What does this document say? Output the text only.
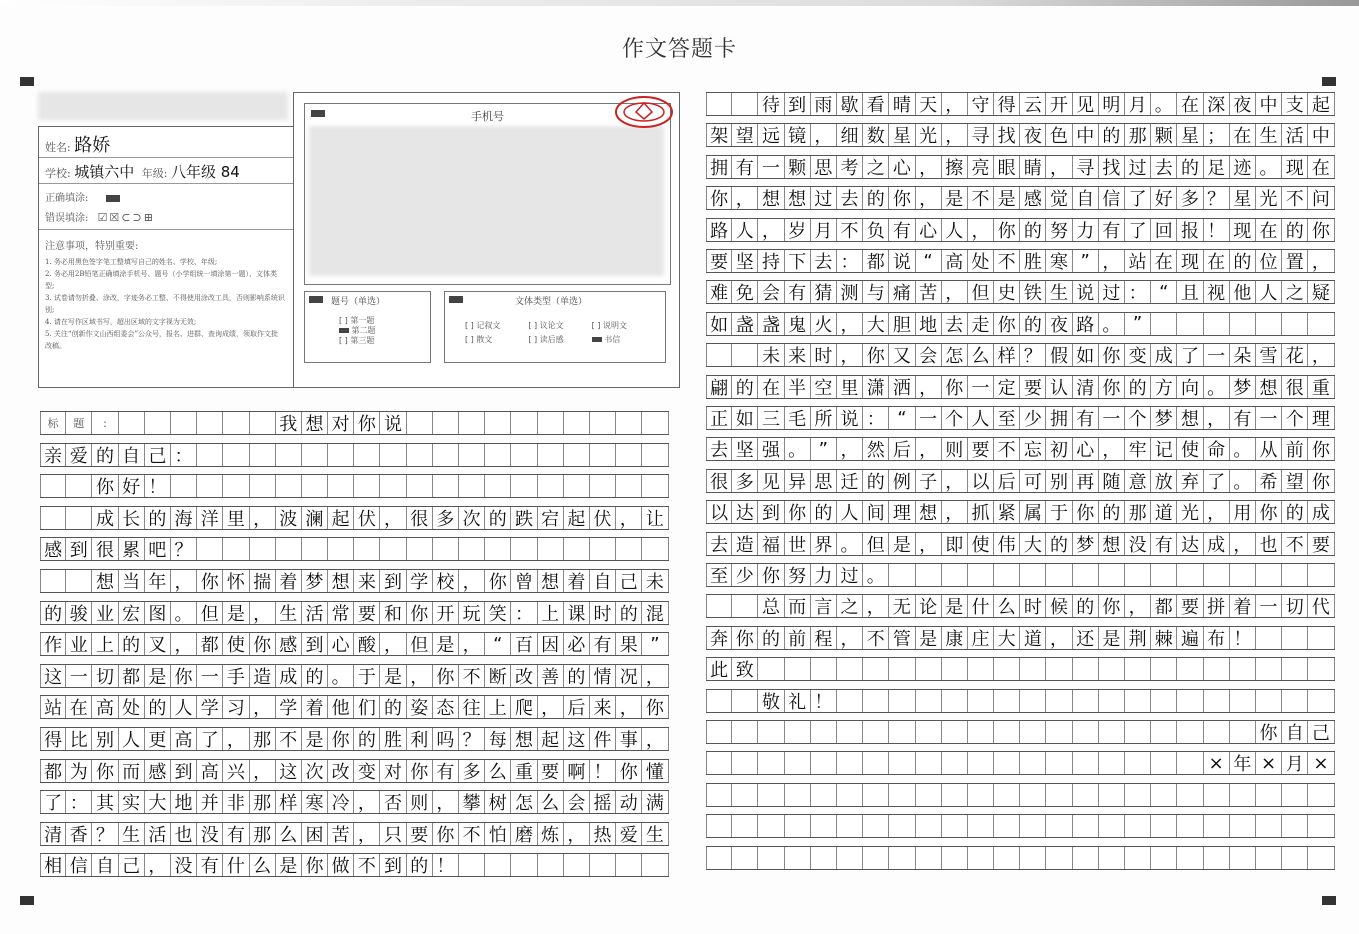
作文答题卡
姓名: 路娇
学校: 城镇六中 年级: 八年级 84
正确填涂:
错误填涂: ☑☒⊂⊃⊞
注意事项，特别重要:
1. 务必用黑色签字笔工整填写自己的姓名、学校、年级;
2. 务必用2B铅笔正确填涂手机号、题号（小学组统一填涂第一题）、文体类型;
3. 试卷请勿折叠、涂改，字迹务必工整、不得使用涂改工具，否则影响系统识别;
4. 请在写作区域书写，超出区域的文字视为无效;
5. 关注“创新作文山西组委会”公众号，报名、进群、查询成绩，领取作文批改稿。
手机号
题号（单选）
[ ] 第一题
第二题
[ ] 第三题
文体类型（单选）
[ ] 记叙文	[ ] 议论文	[ ] 说明文
[ ] 散文	[ ] 读后感	书信
标	题	:	我 想 对 你 说
亲 爱 的 自 己 ：
你 好 ！
成 长 的 海 洋 里 ， 波 澜 起 伏 ， 很 多 次 的 跌 宕 起 伏 ， 让
感 到 很 累 吧 ？
想 当 年 ， 你 怀 揣 着 梦 想 来 到 学 校 ， 你 曾 想 着 自 己 未
的 骏 业 宏 图 。 但 是 ， 生 活 常 要 和 你 开 玩 笑 ： 上 课 时 的 混
作 业 上 的 叉 ， 都 使 你 感 到 心 酸 ， 但 是 ， “ 百 因 必 有 果 ”
这 一 切 都 是 你 一 手 造 成 的 。 于 是 ， 你 不 断 改 善 的 情 况 ，
站 在 高 处 的 人 学 习 ， 学 着 他 们 的 姿 态 往 上 爬 ， 后 来 ， 你
得 比 别 人 更 高 了 ， 那 不 是 你 的 胜 利 吗 ？ 每 想 起 这 件 事 ，
都 为 你 而 感 到 高 兴 ， 这 次 改 变 对 你 有 多 么 重 要 啊 ！ 你 懂
了 ： 其 实 大 地 并 非 那 样 寒 冷 ， 否 则 ， 攀 树 怎 么 会 摇 动 满
清 香 ？ 生 活 也 没 有 那 么 困 苦 ， 只 要 你 不 怕 磨 炼 ， 热 爱 生
相 信 自 己 ， 没 有 什 么 是 你 做 不 到 的 ！
待 到 雨 歇 看 晴 天 ， 守 得 云 开 见 明 月 。 在 深 夜 中 支 起
架 望 远 镜 ， 细 数 星 光 ， 寻 找 夜 色 中 的 那 颗 星 ； 在 生 活 中
拥 有 一 颗 思 考 之 心 ， 擦 亮 眼 睛 ， 寻 找 过 去 的 足 迹 。 现 在
你 ， 想 想 过 去 的 你 ， 是 不 是 感 觉 自 信 了 好 多 ？ 星 光 不 问
路 人 ， 岁 月 不 负 有 心 人 ， 你 的 努 力 有 了 回 报 ！ 现 在 的 你
要 坚 持 下 去 ： 都 说 “ 高 处 不 胜 寒 ” ， 站 在 现 在 的 位 置 ，
难 免 会 有 猜 测 与 痛 苦 ， 但 史 铁 生 说 过 ： “ 且 视 他 人 之 疑
如 盏 盏 鬼 火 ， 大 胆 地 去 走 你 的 夜 路 。 ”
未 来 时 ， 你 又 会 怎 么 样 ？ 假 如 你 变 成 了 一 朵 雪 花 ，
翩 的 在 半 空 里 潇 洒 ， 你 一 定 要 认 清 你 的 方 向 。 梦 想 很 重
正 如 三 毛 所 说 ： “ 一 个 人 至 少 拥 有 一 个 梦 想 ， 有 一 个 理
去 坚 强 。 ” ， 然 后 ， 则 要 不 忘 初 心 ， 牢 记 使 命 。 从 前 你
很 多 见 异 思 迁 的 例 子 ， 以 后 可 别 再 随 意 放 弃 了 。 希 望 你
以 达 到 你 的 人 间 理 想 ， 抓 紧 属 于 你 的 那 道 光 ， 用 你 的 成
去 造 福 世 界 。 但 是 ， 即 使 伟 大 的 梦 想 没 有 达 成 ， 也 不 要
至 少 你 努 力 过 。
总 而 言 之 ， 无 论 是 什 么 时 候 的 你 ， 都 要 拼 着 一 切 代
奔 你 的 前 程 ， 不 管 是 康 庄 大 道 ， 还 是 荆 棘 遍 布 ！
此 致
敬 礼 ！
你 自 己
× 年 × 月 ×
